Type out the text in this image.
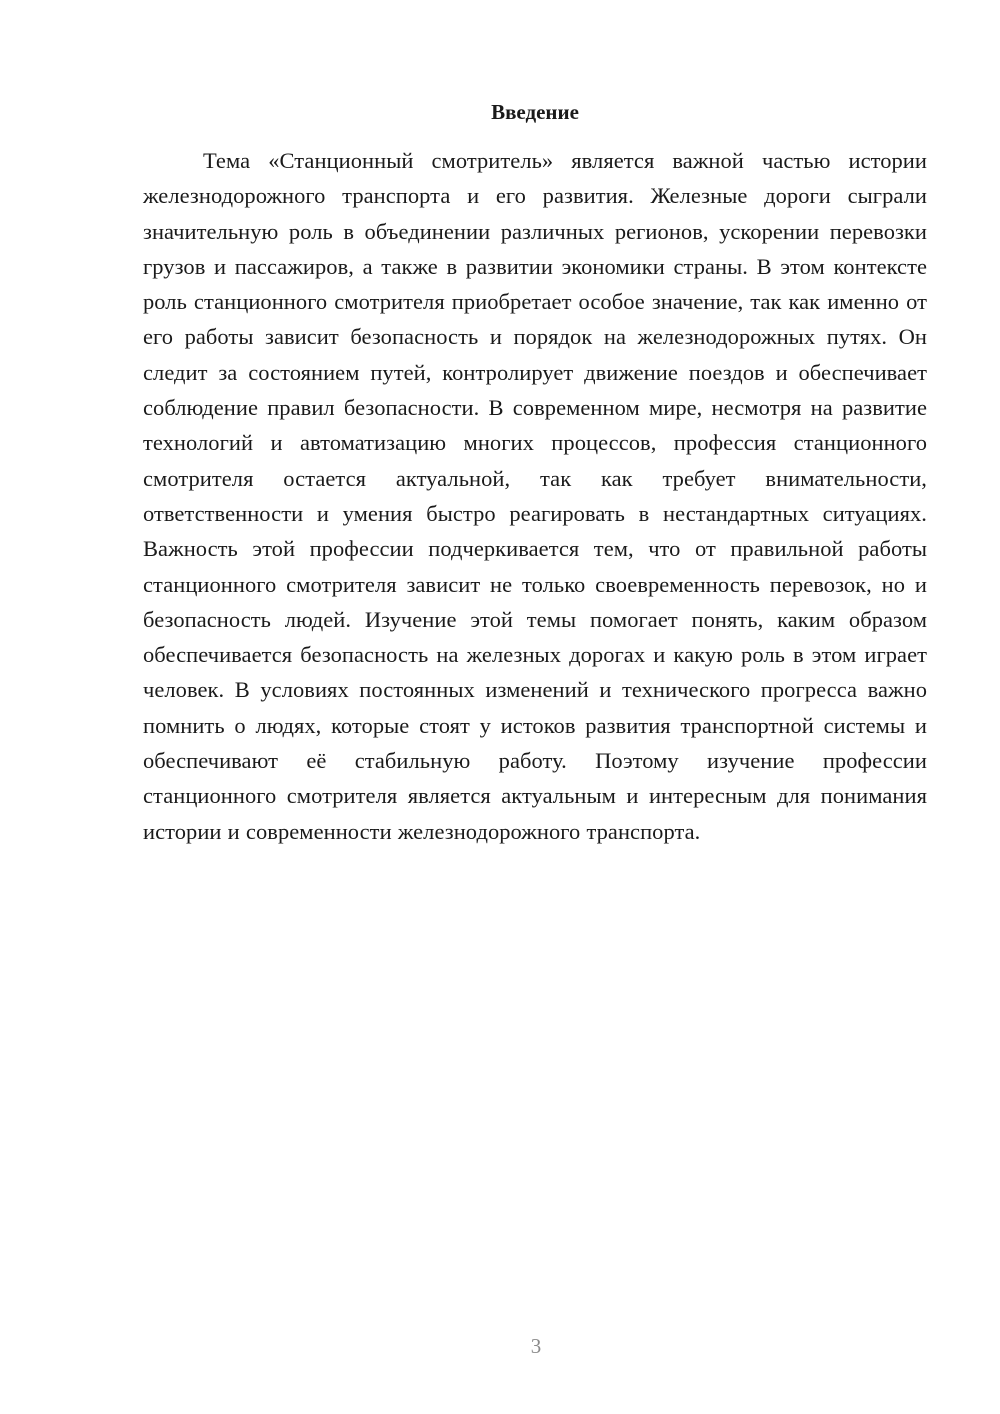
Введение

Тема «Станционный смотритель» является важной частью истории железнодорожного транспорта и его развития. Железные дороги сыграли значительную роль в объединении различных регионов, ускорении перевозки грузов и пассажиров, а также в развитии экономики страны. В этом контексте роль станционного смотрителя приобретает особое значение, так как именно от его работы зависит безопасность и порядок на железнодорожных путях. Он следит за состоянием путей, контролирует движение поездов и обеспечивает соблюдение правил безопасности. В современном мире, несмотря на развитие технологий и автоматизацию многих процессов, профессия станционного смотрителя остается актуальной, так как требует внимательности, ответственности и умения быстро реагировать в нестандартных ситуациях. Важность этой профессии подчеркивается тем, что от правильной работы станционного смотрителя зависит не только своевременность перевозок, но и безопасность людей. Изучение этой темы помогает понять, каким образом обеспечивается безопасность на железных дорогах и какую роль в этом играет человек. В условиях постоянных изменений и технического прогресса важно помнить о людях, которые стоят у истоков развития транспортной системы и обеспечивают её стабильную работу. Поэтому изучение профессии станционного смотрителя является актуальным и интересным для понимания истории и современности железнодорожного транспорта.

3
